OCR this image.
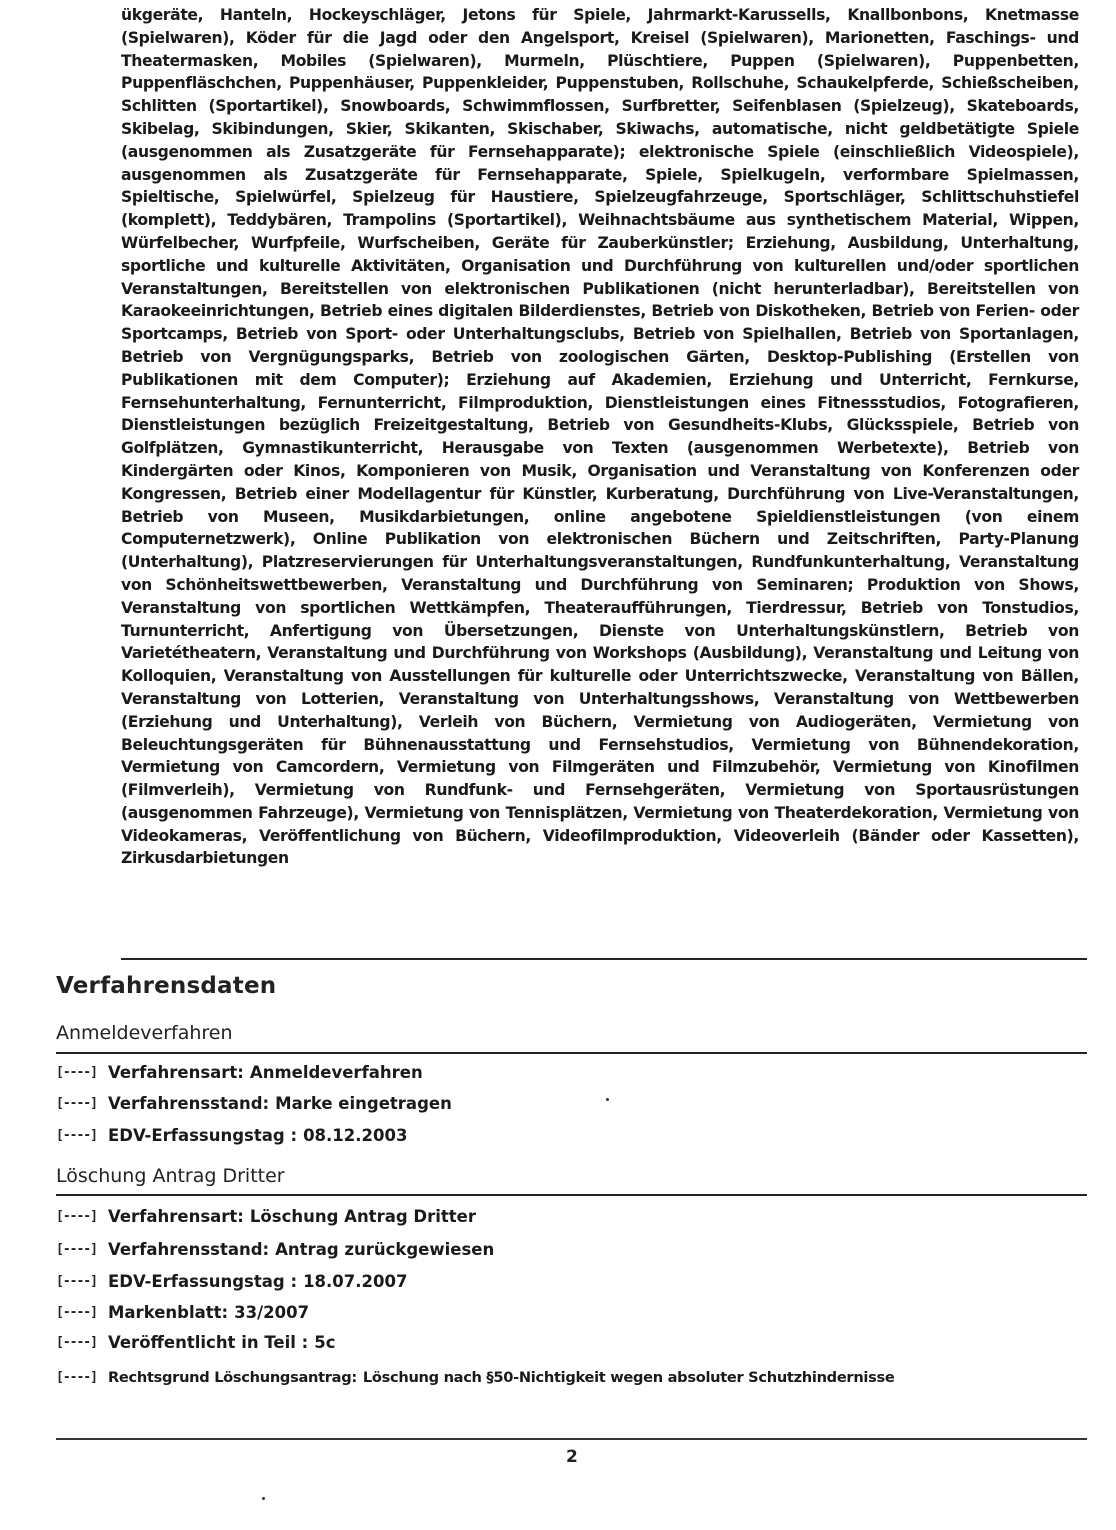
ükgeräte, Hanteln, Hockeyschläger, Jetons für Spiele, Jahrmarkt-Karussells, Knallbonbons, Knetmasse (Spielwaren), Köder für die Jagd oder den Angelsport, Kreisel (Spielwaren), Marionetten, Faschings- und Theatermasken, Mobiles (Spielwaren), Murmeln, Plüschtiere, Puppen (Spielwaren), Puppenbetten, Puppenfläschchen, Puppenhäuser, Puppenkleider, Puppenstuben, Rollschuhe, Schaukelpferde, Schießscheiben, Schlitten (Sportartikel), Snowboards, Schwimmflossen, Surfbretter, Seifenblasen (Spielzeug), Skateboards, Skibelag, Skibindungen, Skier, Skikanten, Skischaber, Skiwachs, automatische, nicht geldbetätigte Spiele (ausgenommen als Zusatzgeräte für Fernsehapparate); elektronische Spiele (einschließlich Videospiele), ausgenommen als Zusatzgeräte für Fernsehapparate, Spiele, Spielkugeln, verformbare Spielmassen, Spieltische, Spielwürfel, Spielzeug für Haustiere, Spielzeugfahrzeuge, Sportschläger, Schlittschuhstiefel (komplett), Teddybären, Trampolins (Sportartikel), Weihnachtsbäume aus synthetischem Material, Wippen, Würfelbecher, Wurfpfeile, Wurfscheiben, Geräte für Zauberkünstler; Erziehung, Ausbildung, Unterhaltung, sportliche und kulturelle Aktivitäten, Organisation und Durchführung von kulturellen und/oder sportlichen Veranstaltungen, Bereitstellen von elektronischen Publikationen (nicht herunterladbar), Bereitstellen von Karaokeeinrichtungen, Betrieb eines digitalen Bilderdienstes, Betrieb von Diskotheken, Betrieb von Ferien- oder Sportcamps, Betrieb von Sport- oder Unterhaltungsclubs, Betrieb von Spielhallen, Betrieb von Sportanlagen, Betrieb von Vergnügungsparks, Betrieb von zoologischen Gärten, Desktop-Publishing (Erstellen von Publikationen mit dem Computer); Erziehung auf Akademien, Erziehung und Unterricht, Fernkurse, Fernsehunterhaltung, Fernunterricht, Filmproduktion, Dienstleistungen eines Fitnessstudios, Fotografieren, Dienstleistungen bezüglich Freizeitgestaltung, Betrieb von Gesundheits-Klubs, Glücksspiele, Betrieb von Golfplätzen, Gymnastikunterricht, Herausgabe von Texten (ausgenommen Werbetexte), Betrieb von Kindergärten oder Kinos, Komponieren von Musik, Organisation und Veranstaltung von Konferenzen oder Kongressen, Betrieb einer Modellagentur für Künstler, Kurberatung, Durchführung von Live-Veranstaltungen, Betrieb von Museen, Musikdarbietungen, online angebotene Spieldienstleistungen (von einem Computernetzwerk), Online Publikation von elektronischen Büchern und Zeitschriften, Party-Planung (Unterhaltung), Platzreservierungen für Unterhaltungsveranstaltungen, Rundfunkunterhaltung, Veranstaltung von Schönheitswettbewerben, Veranstaltung und Durchführung von Seminaren; Produktion von Shows, Veranstaltung von sportlichen Wettkämpfen, Theateraufführungen, Tierdressur, Betrieb von Tonstudios, Turnunterricht, Anfertigung von Übersetzungen, Dienste von Unterhaltungskünstlern, Betrieb von Varietétheatern, Veranstaltung und Durchführung von Workshops (Ausbildung), Veranstaltung und Leitung von Kolloquien, Veranstaltung von Ausstellungen für kulturelle oder Unterrichtszwecke, Veranstaltung von Bällen, Veranstaltung von Lotterien, Veranstaltung von Unterhaltungsshows, Veranstaltung von Wettbewerben (Erziehung und Unterhaltung), Verleih von Büchern, Vermietung von Audiogeräten, Vermietung von Beleuchtungsgeräten für Bühnenausstattung und Fernsehstudios, Vermietung von Bühnendekoration, Vermietung von Camcordern, Vermietung von Filmgeräten und Filmzubehör, Vermietung von Kinofilmen (Filmverleih), Vermietung von Rundfunk- und Fernsehgeräten, Vermietung von Sportausrüstungen (ausgenommen Fahrzeuge), Vermietung von Tennisplätzen, Vermietung von Theaterdekoration, Vermietung von Videokameras, Veröffentlichung von Büchern, Videofilmproduktion, Videoverleih (Bänder oder Kassetten), Zirkusdarbietungen
Verfahrensdaten
Anmeldeverfahren
[----] Verfahrensart: Anmeldeverfahren
[----] Verfahrensstand: Marke eingetragen
[----] EDV-Erfassungstag : 08.12.2003
Löschung Antrag Dritter
[----] Verfahrensart: Löschung Antrag Dritter
[----] Verfahrensstand: Antrag zurückgewiesen
[----] EDV-Erfassungstag : 18.07.2007
[----] Markenblatt: 33/2007
[----] Veröffentlicht in Teil : 5c
[----] Rechtsgrund Löschungsantrag: Löschung nach §50-Nichtigkeit wegen absoluter Schutzhindernisse
2
